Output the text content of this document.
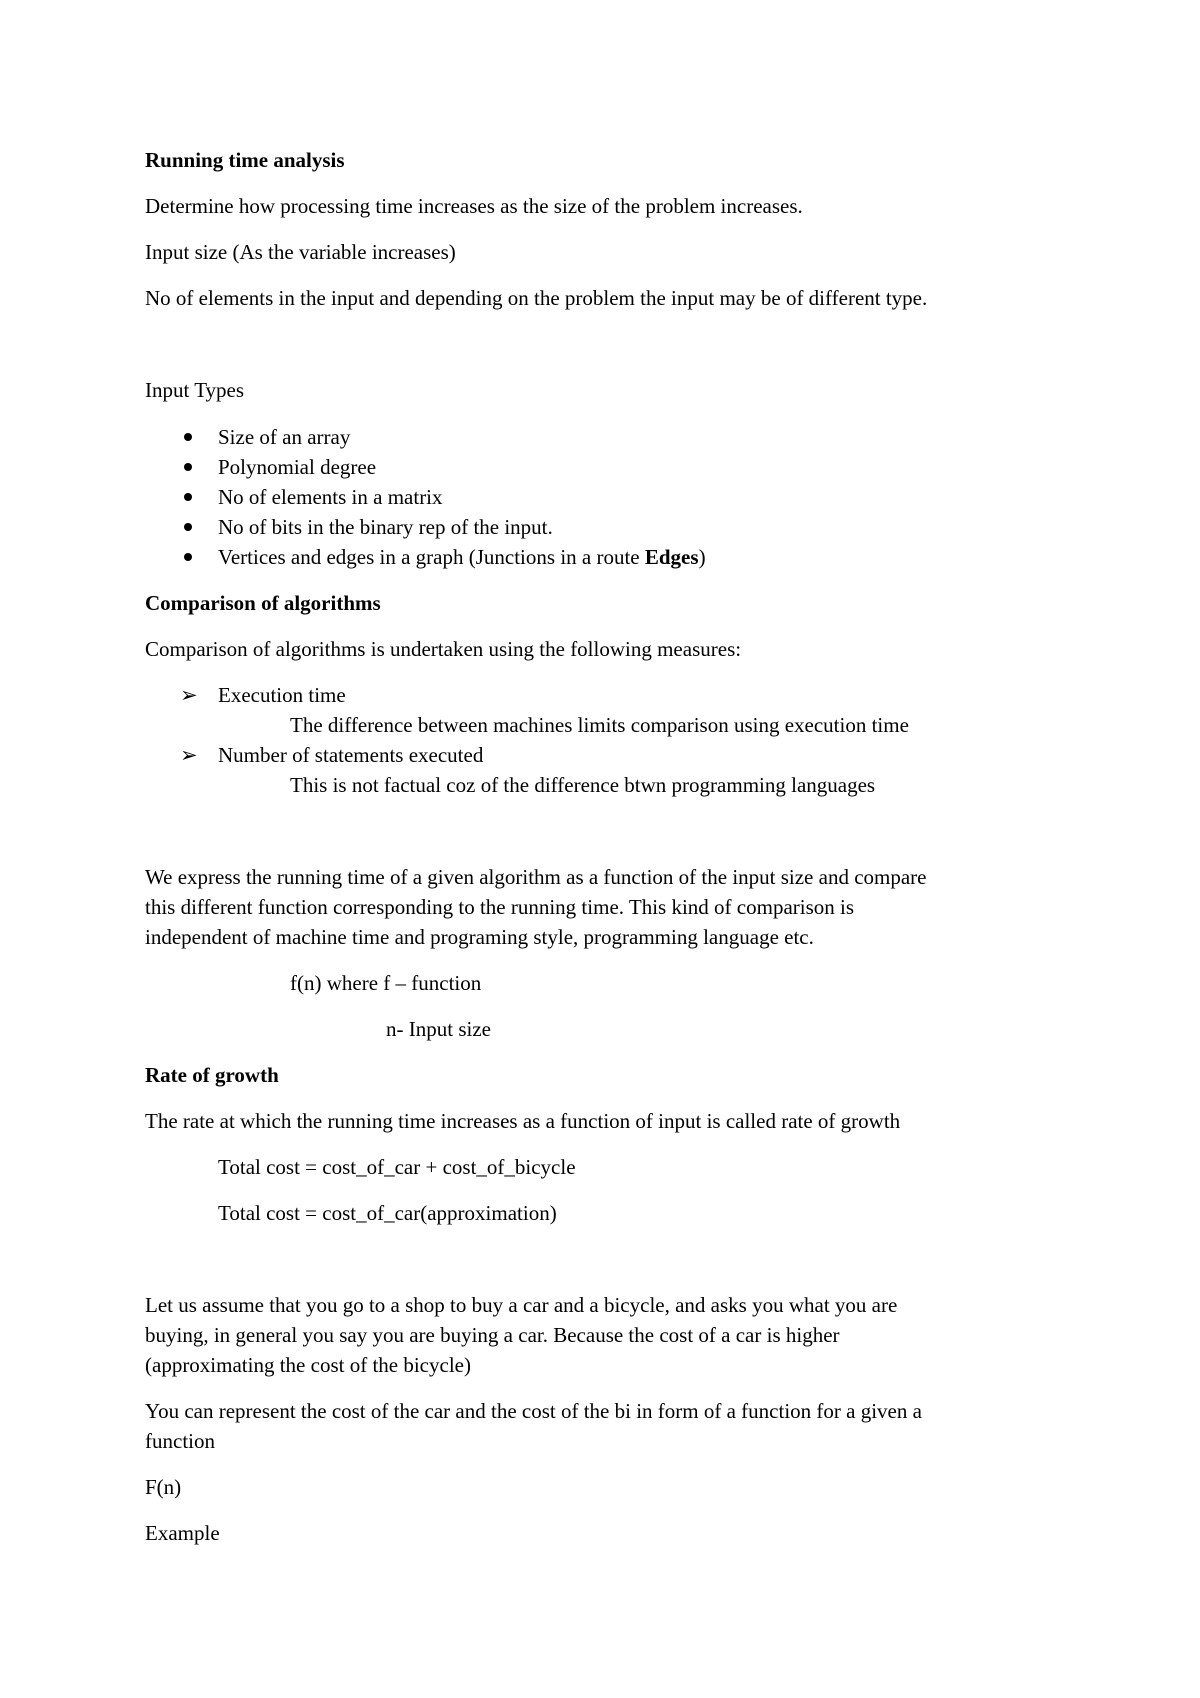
Running time analysis
Determine how processing time increases as the size of the problem increases.
Input size (As the variable increases)
No of elements in the input and depending on the problem the input may be of different type.
Input Types
Size of an array
Polynomial degree
No of elements in a matrix
No of bits in the binary rep of the input.
Vertices and edges in a graph (Junctions in a route Edges)
Comparison of algorithms
Comparison of algorithms is undertaken using the following measures:
➢ Execution time
The difference between machines limits comparison using execution time
➢ Number of statements executed
This is not factual coz of the difference btwn programming languages
We express the running time of a given algorithm as a function of the input size and compare
this different function corresponding to the running time. This kind of comparison is
independent of machine time and programing style, programming language etc.
f(n) where f – function
n- Input size
Rate of growth
The rate at which the running time increases as a function of input is called rate of growth
Total cost = cost_of_car + cost_of_bicycle
Total cost = cost_of_car(approximation)
Let us assume that you go to a shop to buy a car and a bicycle, and asks you what you are
buying, in general you say you are buying a car. Because the cost of a car is higher
(approximating the cost of the bicycle)
You can represent the cost of the car and the cost of the bi in form of a function for a given a
function
F(n)
Example
